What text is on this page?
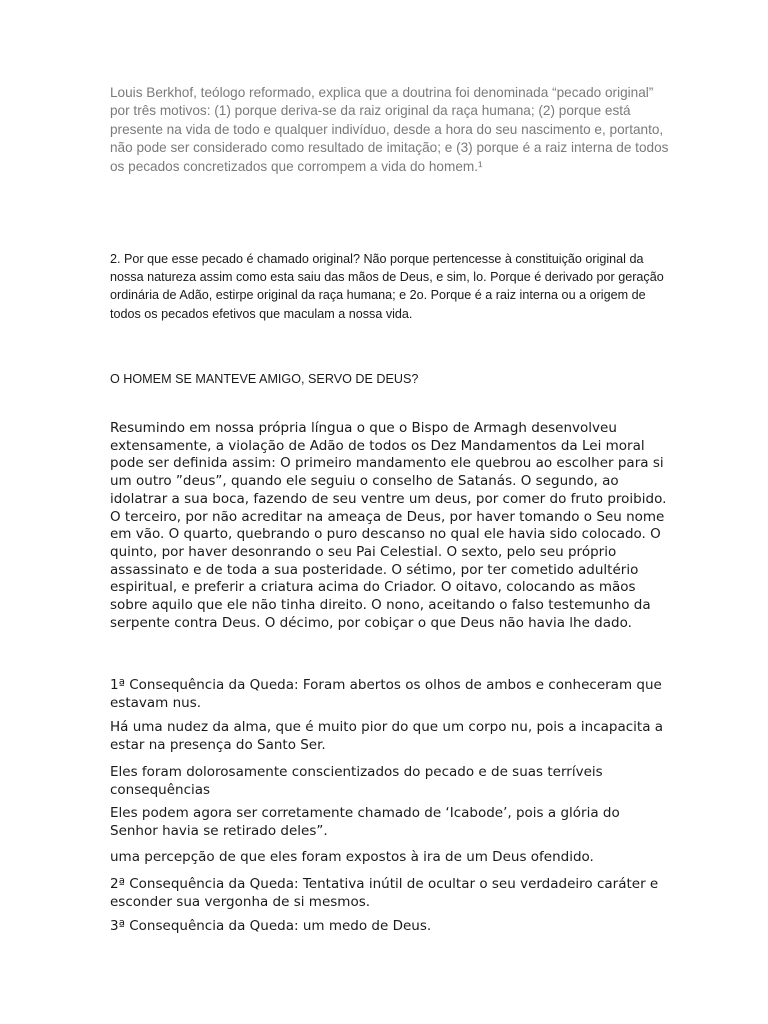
Louis Berkhof, teólogo reformado, explica que a doutrina foi denominada “pecado original” por três motivos: (1) porque deriva-se da raiz original da raça humana; (2) porque está presente na vida de todo e qualquer indivíduo, desde a hora do seu nascimento e, portanto, não pode ser considerado como resultado de imitação; e (3) porque é a raiz interna de todos os pecados concretizados que corrompem a vida do homem.¹

2. Por que esse pecado é chamado original? Não porque pertencesse à constituição original da nossa natureza assim como esta saiu das mãos de Deus, e sim, lo. Porque é derivado por geração ordinária de Adão, estirpe original da raça humana; e 2o. Porque é a raiz interna ou a origem de todos os pecados efetivos que maculam a nossa vida.

O HOMEM SE MANTEVE AMIGO, SERVO DE DEUS?

Resumindo em nossa própria língua o que o Bispo de Armagh desenvolveu extensamente, a violação de Adão de todos os Dez Mandamentos da Lei moral pode ser definida assim: O primeiro mandamento ele quebrou ao escolher para si um outro ”deus”, quando ele seguiu o conselho de Satanás. O segundo, ao idolatrar a sua boca, fazendo de seu ventre um deus, por comer do fruto proibido. O terceiro, por não acreditar na ameaça de Deus, por haver tomando o Seu nome em vão. O quarto, quebrando o puro descanso no qual ele havia sido colocado. O quinto, por haver desonrando o seu Pai Celestial. O sexto, pelo seu próprio assassinato e de toda a sua posteridade. O sétimo, por ter cometido adultério espiritual, e preferir a criatura acima do Criador. O oitavo, colocando as mãos sobre aquilo que ele não tinha direito. O nono, aceitando o falso testemunho da serpente contra Deus. O décimo, por cobiçar o que Deus não havia lhe dado.

1ª Consequência da Queda: Foram abertos os olhos de ambos e conheceram que estavam nus.

Há uma nudez da alma, que é muito pior do que um corpo nu, pois a incapacita a estar na presença do Santo Ser.

Eles foram dolorosamente conscientizados do pecado e de suas terríveis consequências

Eles podem agora ser corretamente chamado de ‘Icabode’, pois a glória do Senhor havia se retirado deles”.

uma percepção de que eles foram expostos à ira de um Deus ofendido.

2ª Consequência da Queda: Tentativa inútil de ocultar o seu verdadeiro caráter e esconder sua vergonha de si mesmos.

3ª Consequência da Queda: um medo de Deus.
